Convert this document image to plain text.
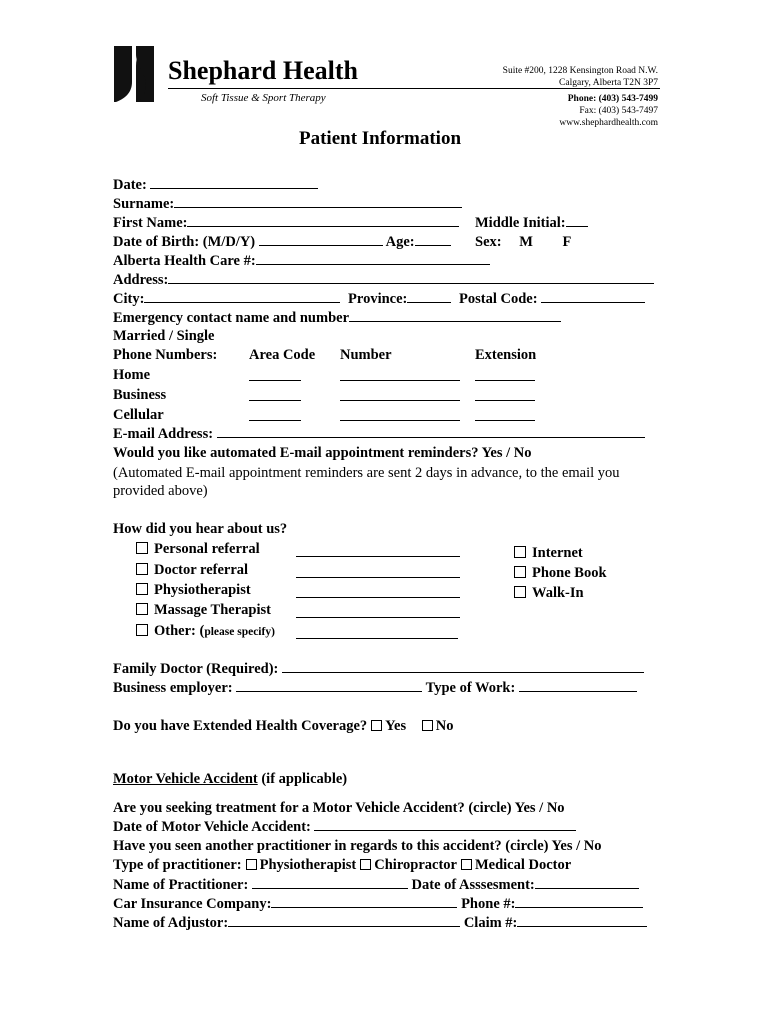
Shephard Health
Soft Tissue & Sport Therapy
Suite #200, 1228 Kensington Road N.W.
Calgary, Alberta T2N 3P7
Phone: (403) 543-7499
Fax: (403) 543-7497
www.shephardhealth.com
Patient Information
Date:
Surname:
First Name:	Middle Initial:
Date of Birth: (M/D/Y)	Age:	Sex: M F
Alberta Health Care #:
Address:
City:	Province:	Postal Code:
Emergency contact name and number
Married / Single
Phone Numbers: Area Code Number	Extension
Home
Business
Cellular
E-mail Address:
Would you like automated E-mail appointment reminders? Yes / No
(Automated E-mail appointment reminders are sent 2 days in advance, to the email you
provided above)
How did you hear about us?
Personal referral
Doctor referral
Physiotherapist
Massage Therapist
Other: (please specify)
Internet
Phone Book
Walk-In
Family Doctor (Required):
Business employer:	Type of Work:
Do you have Extended Health Coverage? Yes No
Motor Vehicle Accident (if applicable)
Are you seeking treatment for a Motor Vehicle Accident? (circle) Yes / No
Date of Motor Vehicle Accident:
Have you seen another practitioner in regards to this accident? (circle) Yes / No
Type of practitioner: Physiotherapist Chiropractor Medical Doctor
Name of Practitioner:	Date of Asssesment:
Car Insurance Company:	Phone #:
Name of Adjustor:	Claim #:
